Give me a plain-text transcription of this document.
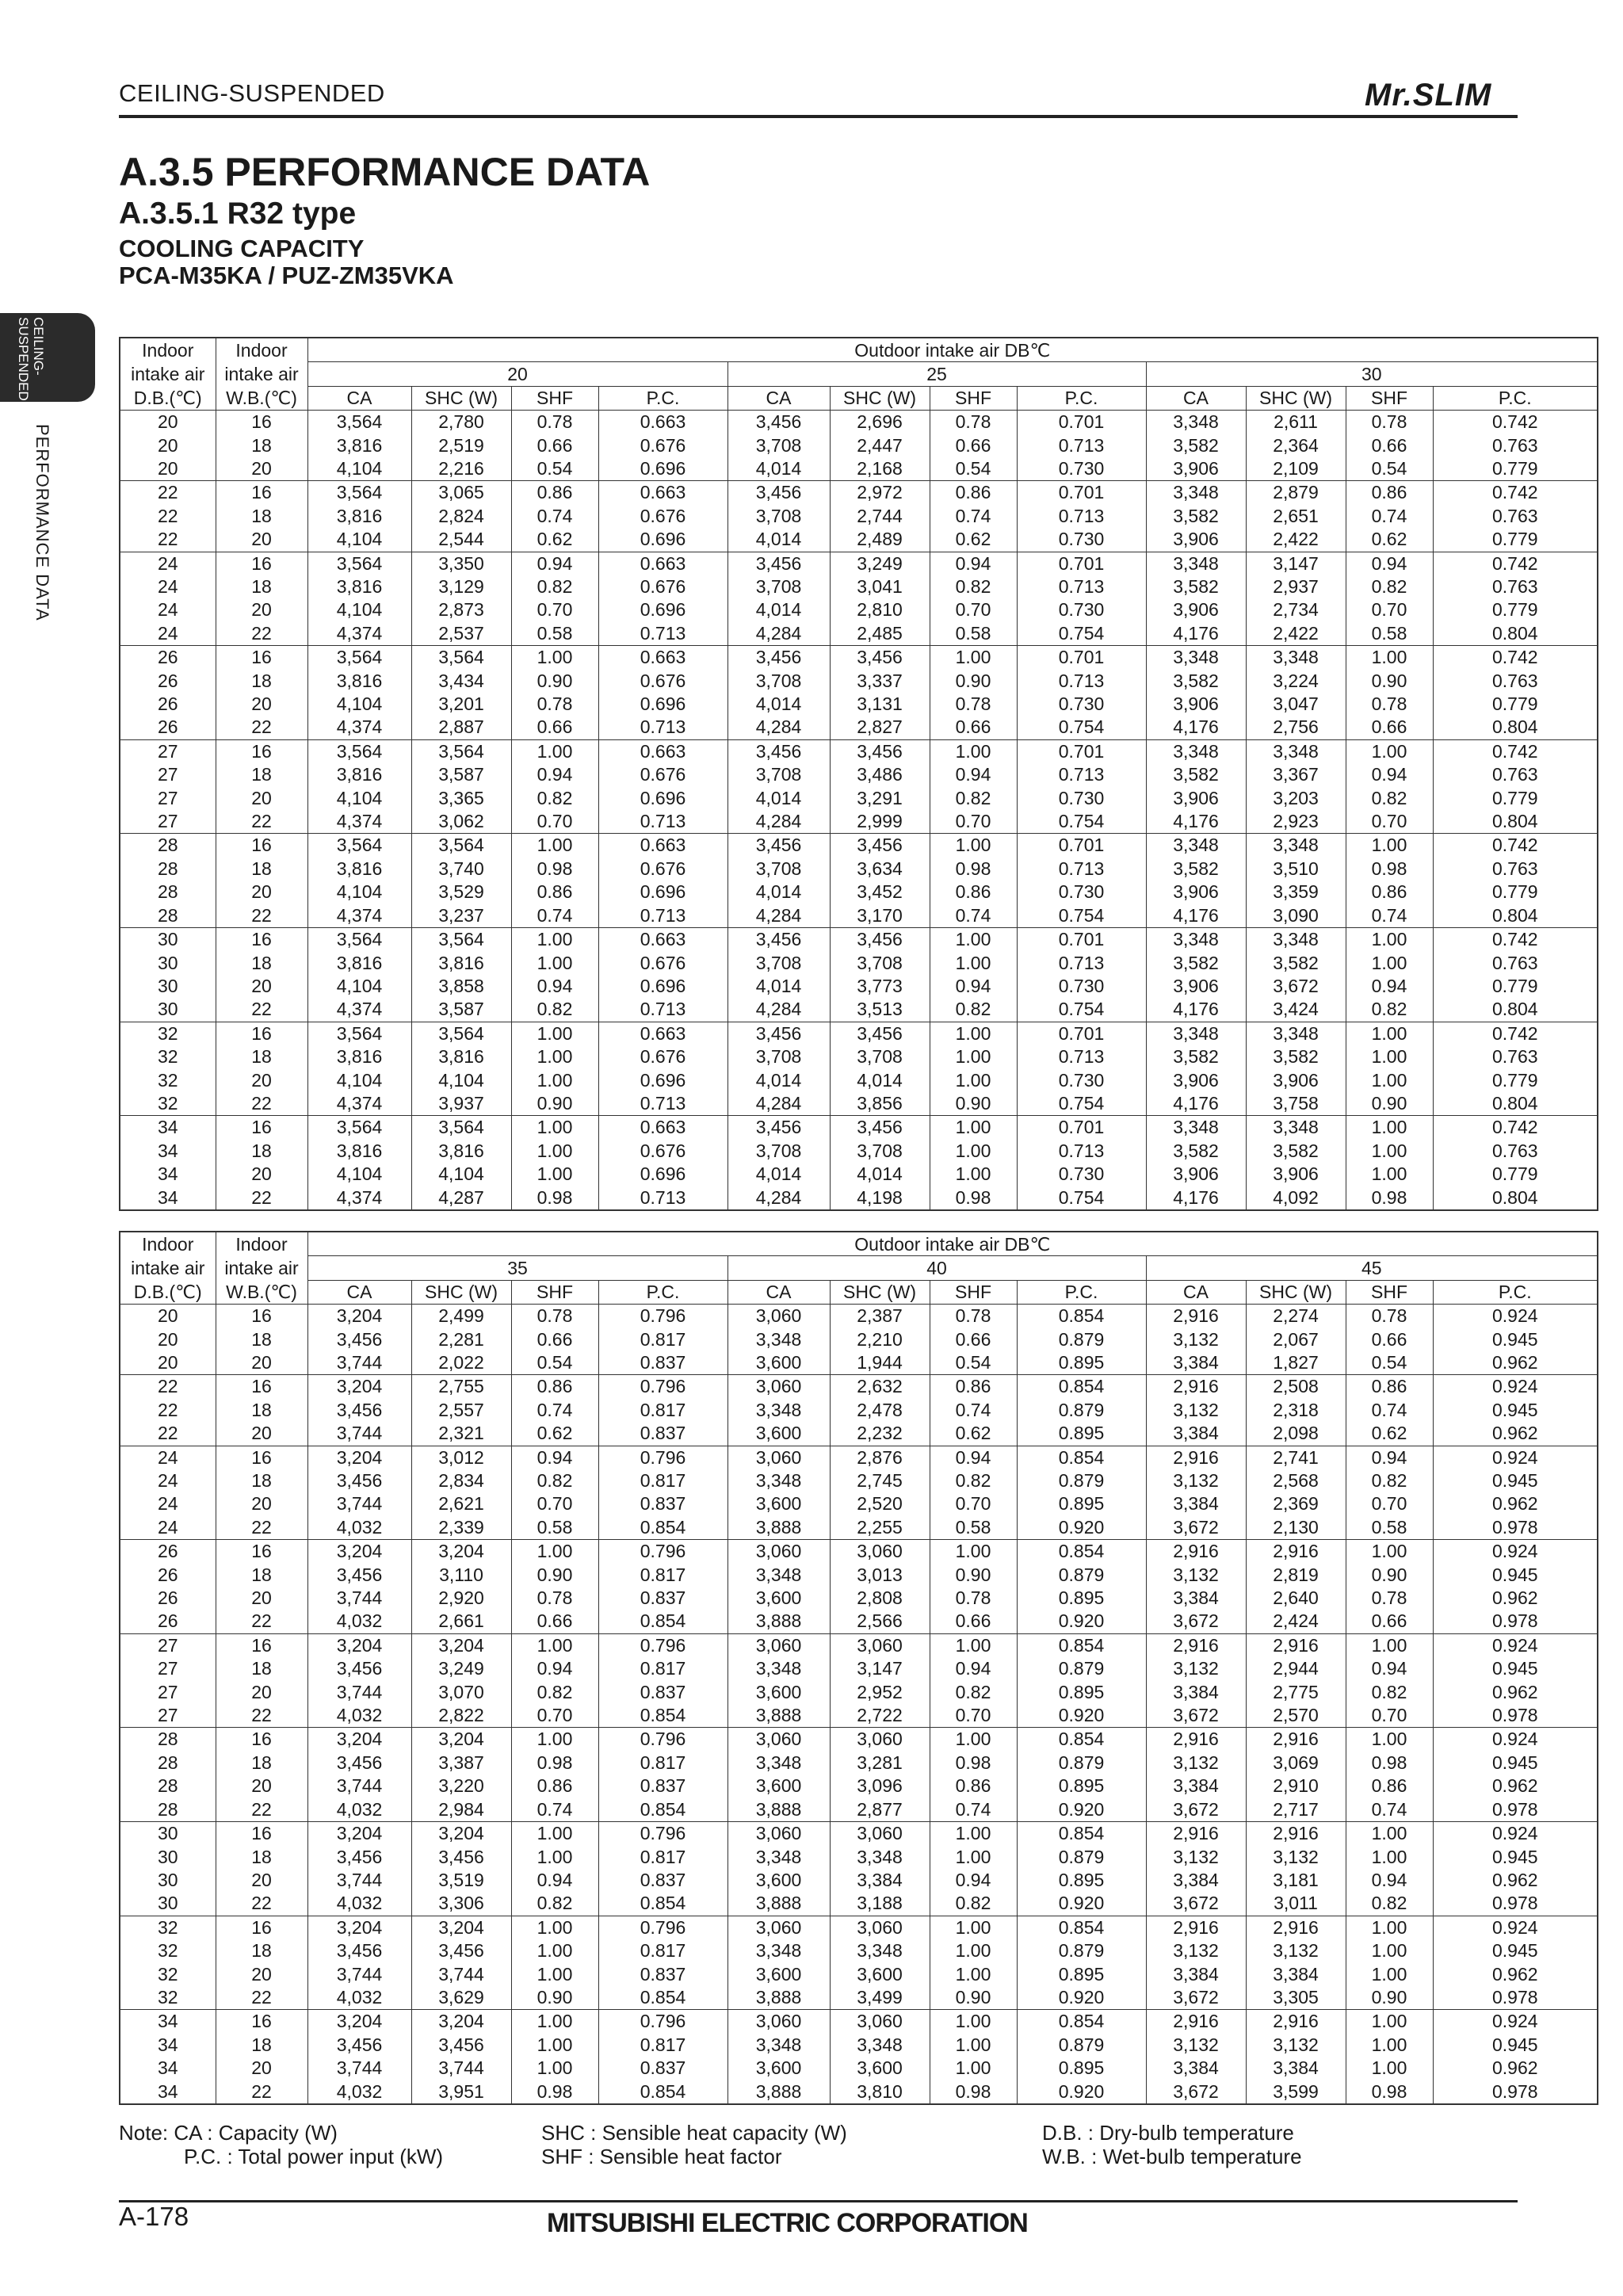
CEILING-SUSPENDED	Mr.SLIM
A.3.5 PERFORMANCE DATA
A.3.5.1 R32 type
COOLING CAPACITY
PCA-M35KA / PUZ-ZM35VKA
CEILING-
SUSPENDED
PERFORMANCE DATA
Indoor	Indoor	Outdoor intake air DB℃											
intake air	intake air	20				25				30			
D.B.(℃)	W.B.(℃)	CA	SHC (W)	SHF	P.C.	CA	SHC (W)	SHF	P.C.	CA	SHC (W)	SHF	P.C.
20	16	3,564	2,780	0.78	0.663	3,456	2,696	0.78	0.701	3,348	2,611	0.78	0.742
20	18	3,816	2,519	0.66	0.676	3,708	2,447	0.66	0.713	3,582	2,364	0.66	0.763
20	20	4,104	2,216	0.54	0.696	4,014	2,168	0.54	0.730	3,906	2,109	0.54	0.779
22	16	3,564	3,065	0.86	0.663	3,456	2,972	0.86	0.701	3,348	2,879	0.86	0.742
22	18	3,816	2,824	0.74	0.676	3,708	2,744	0.74	0.713	3,582	2,651	0.74	0.763
22	20	4,104	2,544	0.62	0.696	4,014	2,489	0.62	0.730	3,906	2,422	0.62	0.779
24	16	3,564	3,350	0.94	0.663	3,456	3,249	0.94	0.701	3,348	3,147	0.94	0.742
24	18	3,816	3,129	0.82	0.676	3,708	3,041	0.82	0.713	3,582	2,937	0.82	0.763
24	20	4,104	2,873	0.70	0.696	4,014	2,810	0.70	0.730	3,906	2,734	0.70	0.779
24	22	4,374	2,537	0.58	0.713	4,284	2,485	0.58	0.754	4,176	2,422	0.58	0.804
26	16	3,564	3,564	1.00	0.663	3,456	3,456	1.00	0.701	3,348	3,348	1.00	0.742
26	18	3,816	3,434	0.90	0.676	3,708	3,337	0.90	0.713	3,582	3,224	0.90	0.763
26	20	4,104	3,201	0.78	0.696	4,014	3,131	0.78	0.730	3,906	3,047	0.78	0.779
26	22	4,374	2,887	0.66	0.713	4,284	2,827	0.66	0.754	4,176	2,756	0.66	0.804
27	16	3,564	3,564	1.00	0.663	3,456	3,456	1.00	0.701	3,348	3,348	1.00	0.742
27	18	3,816	3,587	0.94	0.676	3,708	3,486	0.94	0.713	3,582	3,367	0.94	0.763
27	20	4,104	3,365	0.82	0.696	4,014	3,291	0.82	0.730	3,906	3,203	0.82	0.779
27	22	4,374	3,062	0.70	0.713	4,284	2,999	0.70	0.754	4,176	2,923	0.70	0.804
28	16	3,564	3,564	1.00	0.663	3,456	3,456	1.00	0.701	3,348	3,348	1.00	0.742
28	18	3,816	3,740	0.98	0.676	3,708	3,634	0.98	0.713	3,582	3,510	0.98	0.763
28	20	4,104	3,529	0.86	0.696	4,014	3,452	0.86	0.730	3,906	3,359	0.86	0.779
28	22	4,374	3,237	0.74	0.713	4,284	3,170	0.74	0.754	4,176	3,090	0.74	0.804
30	16	3,564	3,564	1.00	0.663	3,456	3,456	1.00	0.701	3,348	3,348	1.00	0.742
30	18	3,816	3,816	1.00	0.676	3,708	3,708	1.00	0.713	3,582	3,582	1.00	0.763
30	20	4,104	3,858	0.94	0.696	4,014	3,773	0.94	0.730	3,906	3,672	0.94	0.779
30	22	4,374	3,587	0.82	0.713	4,284	3,513	0.82	0.754	4,176	3,424	0.82	0.804
32	16	3,564	3,564	1.00	0.663	3,456	3,456	1.00	0.701	3,348	3,348	1.00	0.742
32	18	3,816	3,816	1.00	0.676	3,708	3,708	1.00	0.713	3,582	3,582	1.00	0.763
32	20	4,104	4,104	1.00	0.696	4,014	4,014	1.00	0.730	3,906	3,906	1.00	0.779
32	22	4,374	3,937	0.90	0.713	4,284	3,856	0.90	0.754	4,176	3,758	0.90	0.804
34	16	3,564	3,564	1.00	0.663	3,456	3,456	1.00	0.701	3,348	3,348	1.00	0.742
34	18	3,816	3,816	1.00	0.676	3,708	3,708	1.00	0.713	3,582	3,582	1.00	0.763
34	20	4,104	4,104	1.00	0.696	4,014	4,014	1.00	0.730	3,906	3,906	1.00	0.779
34	22	4,374	4,287	0.98	0.713	4,284	4,198	0.98	0.754	4,176	4,092	0.98	0.804
Indoor	Indoor	Outdoor intake air DB℃											
intake air	intake air	35				40				45			
D.B.(℃)	W.B.(℃)	CA	SHC (W)	SHF	P.C.	CA	SHC (W)	SHF	P.C.	CA	SHC (W)	SHF	P.C.
20	16	3,204	2,499	0.78	0.796	3,060	2,387	0.78	0.854	2,916	2,274	0.78	0.924
20	18	3,456	2,281	0.66	0.817	3,348	2,210	0.66	0.879	3,132	2,067	0.66	0.945
20	20	3,744	2,022	0.54	0.837	3,600	1,944	0.54	0.895	3,384	1,827	0.54	0.962
22	16	3,204	2,755	0.86	0.796	3,060	2,632	0.86	0.854	2,916	2,508	0.86	0.924
22	18	3,456	2,557	0.74	0.817	3,348	2,478	0.74	0.879	3,132	2,318	0.74	0.945
22	20	3,744	2,321	0.62	0.837	3,600	2,232	0.62	0.895	3,384	2,098	0.62	0.962
24	16	3,204	3,012	0.94	0.796	3,060	2,876	0.94	0.854	2,916	2,741	0.94	0.924
24	18	3,456	2,834	0.82	0.817	3,348	2,745	0.82	0.879	3,132	2,568	0.82	0.945
24	20	3,744	2,621	0.70	0.837	3,600	2,520	0.70	0.895	3,384	2,369	0.70	0.962
24	22	4,032	2,339	0.58	0.854	3,888	2,255	0.58	0.920	3,672	2,130	0.58	0.978
26	16	3,204	3,204	1.00	0.796	3,060	3,060	1.00	0.854	2,916	2,916	1.00	0.924
26	18	3,456	3,110	0.90	0.817	3,348	3,013	0.90	0.879	3,132	2,819	0.90	0.945
26	20	3,744	2,920	0.78	0.837	3,600	2,808	0.78	0.895	3,384	2,640	0.78	0.962
26	22	4,032	2,661	0.66	0.854	3,888	2,566	0.66	0.920	3,672	2,424	0.66	0.978
27	16	3,204	3,204	1.00	0.796	3,060	3,060	1.00	0.854	2,916	2,916	1.00	0.924
27	18	3,456	3,249	0.94	0.817	3,348	3,147	0.94	0.879	3,132	2,944	0.94	0.945
27	20	3,744	3,070	0.82	0.837	3,600	2,952	0.82	0.895	3,384	2,775	0.82	0.962
27	22	4,032	2,822	0.70	0.854	3,888	2,722	0.70	0.920	3,672	2,570	0.70	0.978
28	16	3,204	3,204	1.00	0.796	3,060	3,060	1.00	0.854	2,916	2,916	1.00	0.924
28	18	3,456	3,387	0.98	0.817	3,348	3,281	0.98	0.879	3,132	3,069	0.98	0.945
28	20	3,744	3,220	0.86	0.837	3,600	3,096	0.86	0.895	3,384	2,910	0.86	0.962
28	22	4,032	2,984	0.74	0.854	3,888	2,877	0.74	0.920	3,672	2,717	0.74	0.978
30	16	3,204	3,204	1.00	0.796	3,060	3,060	1.00	0.854	2,916	2,916	1.00	0.924
30	18	3,456	3,456	1.00	0.817	3,348	3,348	1.00	0.879	3,132	3,132	1.00	0.945
30	20	3,744	3,519	0.94	0.837	3,600	3,384	0.94	0.895	3,384	3,181	0.94	0.962
30	22	4,032	3,306	0.82	0.854	3,888	3,188	0.82	0.920	3,672	3,011	0.82	0.978
32	16	3,204	3,204	1.00	0.796	3,060	3,060	1.00	0.854	2,916	2,916	1.00	0.924
32	18	3,456	3,456	1.00	0.817	3,348	3,348	1.00	0.879	3,132	3,132	1.00	0.945
32	20	3,744	3,744	1.00	0.837	3,600	3,600	1.00	0.895	3,384	3,384	1.00	0.962
32	22	4,032	3,629	0.90	0.854	3,888	3,499	0.90	0.920	3,672	3,305	0.90	0.978
34	16	3,204	3,204	1.00	0.796	3,060	3,060	1.00	0.854	2,916	2,916	1.00	0.924
34	18	3,456	3,456	1.00	0.817	3,348	3,348	1.00	0.879	3,132	3,132	1.00	0.945
34	20	3,744	3,744	1.00	0.837	3,600	3,600	1.00	0.895	3,384	3,384	1.00	0.962
34	22	4,032	3,951	0.98	0.854	3,888	3,810	0.98	0.920	3,672	3,599	0.98	0.978
Note: CA : Capacity (W)
P.C. : Total power input (kW)
SHC : Sensible heat capacity (W)
SHF : Sensible heat factor
D.B. : Dry-bulb temperature
W.B. : Wet-bulb temperature
A-178	MITSUBISHI ELECTRIC CORPORATION
